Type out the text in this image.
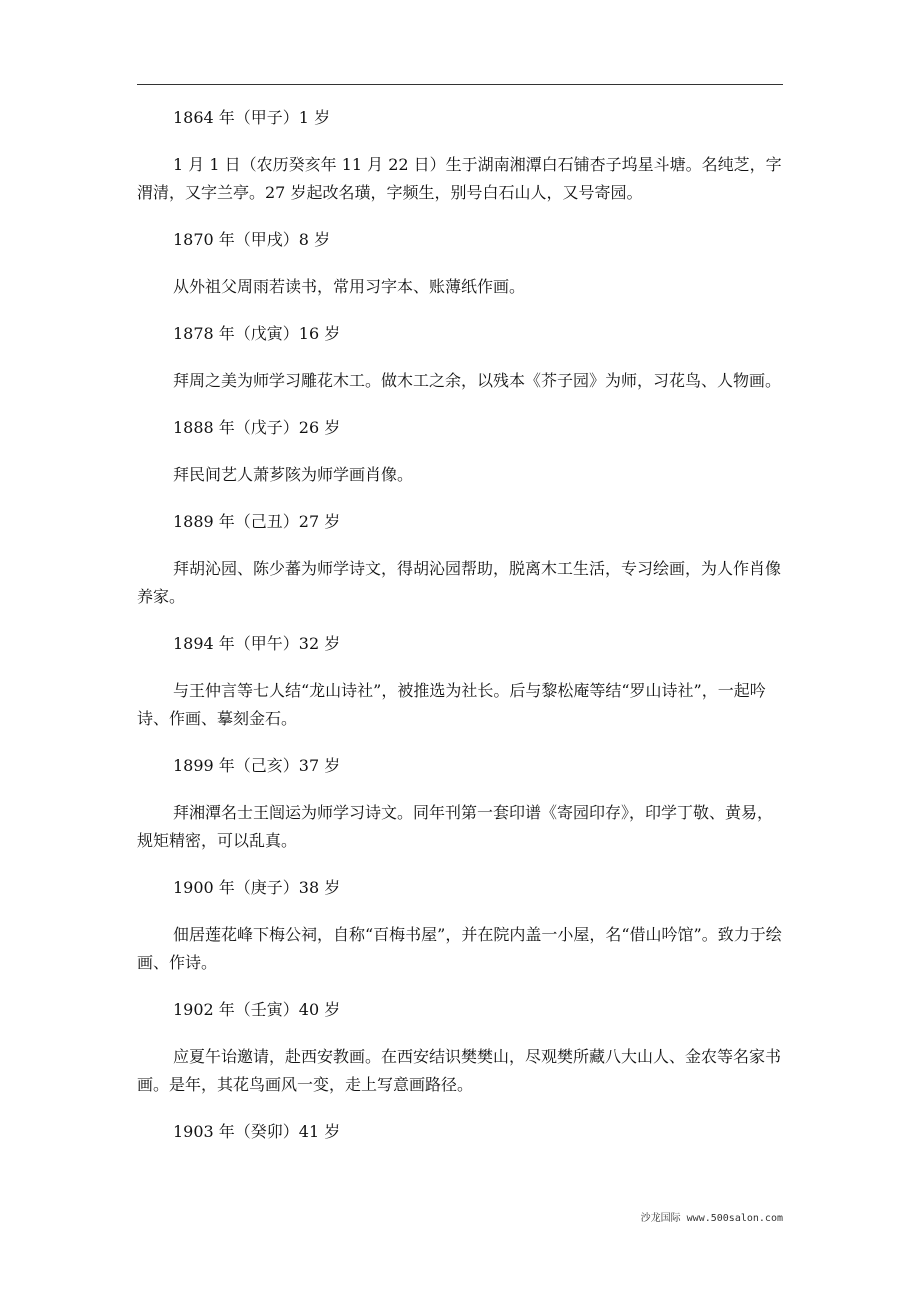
1864 年（甲子）1 岁

1 月 1 日（农历癸亥年 11 月 22 日）生于湖南湘潭白石铺杏子坞星斗塘。名纯芝，字渭清，又字兰亭。27 岁起改名璜，字频生，别号白石山人，又号寄园。

1870 年（甲戌）8 岁

从外祖父周雨若读书，常用习字本、账薄纸作画。

1878 年（戊寅）16 岁

拜周之美为师学习雕花木工。做木工之余，以残本《芥子园》为师，习花鸟、人物画。

1888 年（戊子）26 岁

拜民间艺人萧芗陔为师学画肖像。

1889 年（己丑）27 岁

拜胡沁园、陈少蕃为师学诗文，得胡沁园帮助，脱离木工生活，专习绘画，为人作肖像养家。

1894 年（甲午）32 岁

与王仲言等七人结“龙山诗社”，被推选为社长。后与黎松庵等结“罗山诗社”，一起吟诗、作画、摹刻金石。

1899 年（己亥）37 岁

拜湘潭名士王闿运为师学习诗文。同年刊第一套印谱《寄园印存》，印学丁敬、黄易，规矩精密，可以乱真。

1900 年（庚子）38 岁

佃居莲花峰下梅公祠，自称“百梅书屋”，并在院内盖一小屋，名“借山吟馆”。致力于绘画、作诗。

1902 年（壬寅）40 岁

应夏午诒邀请，赴西安教画。在西安结识樊樊山，尽观樊所藏八大山人、金农等名家书画。是年，其花鸟画风一变，走上写意画路径。

1903 年（癸卯）41 岁

沙龙国际 www.500salon.com
